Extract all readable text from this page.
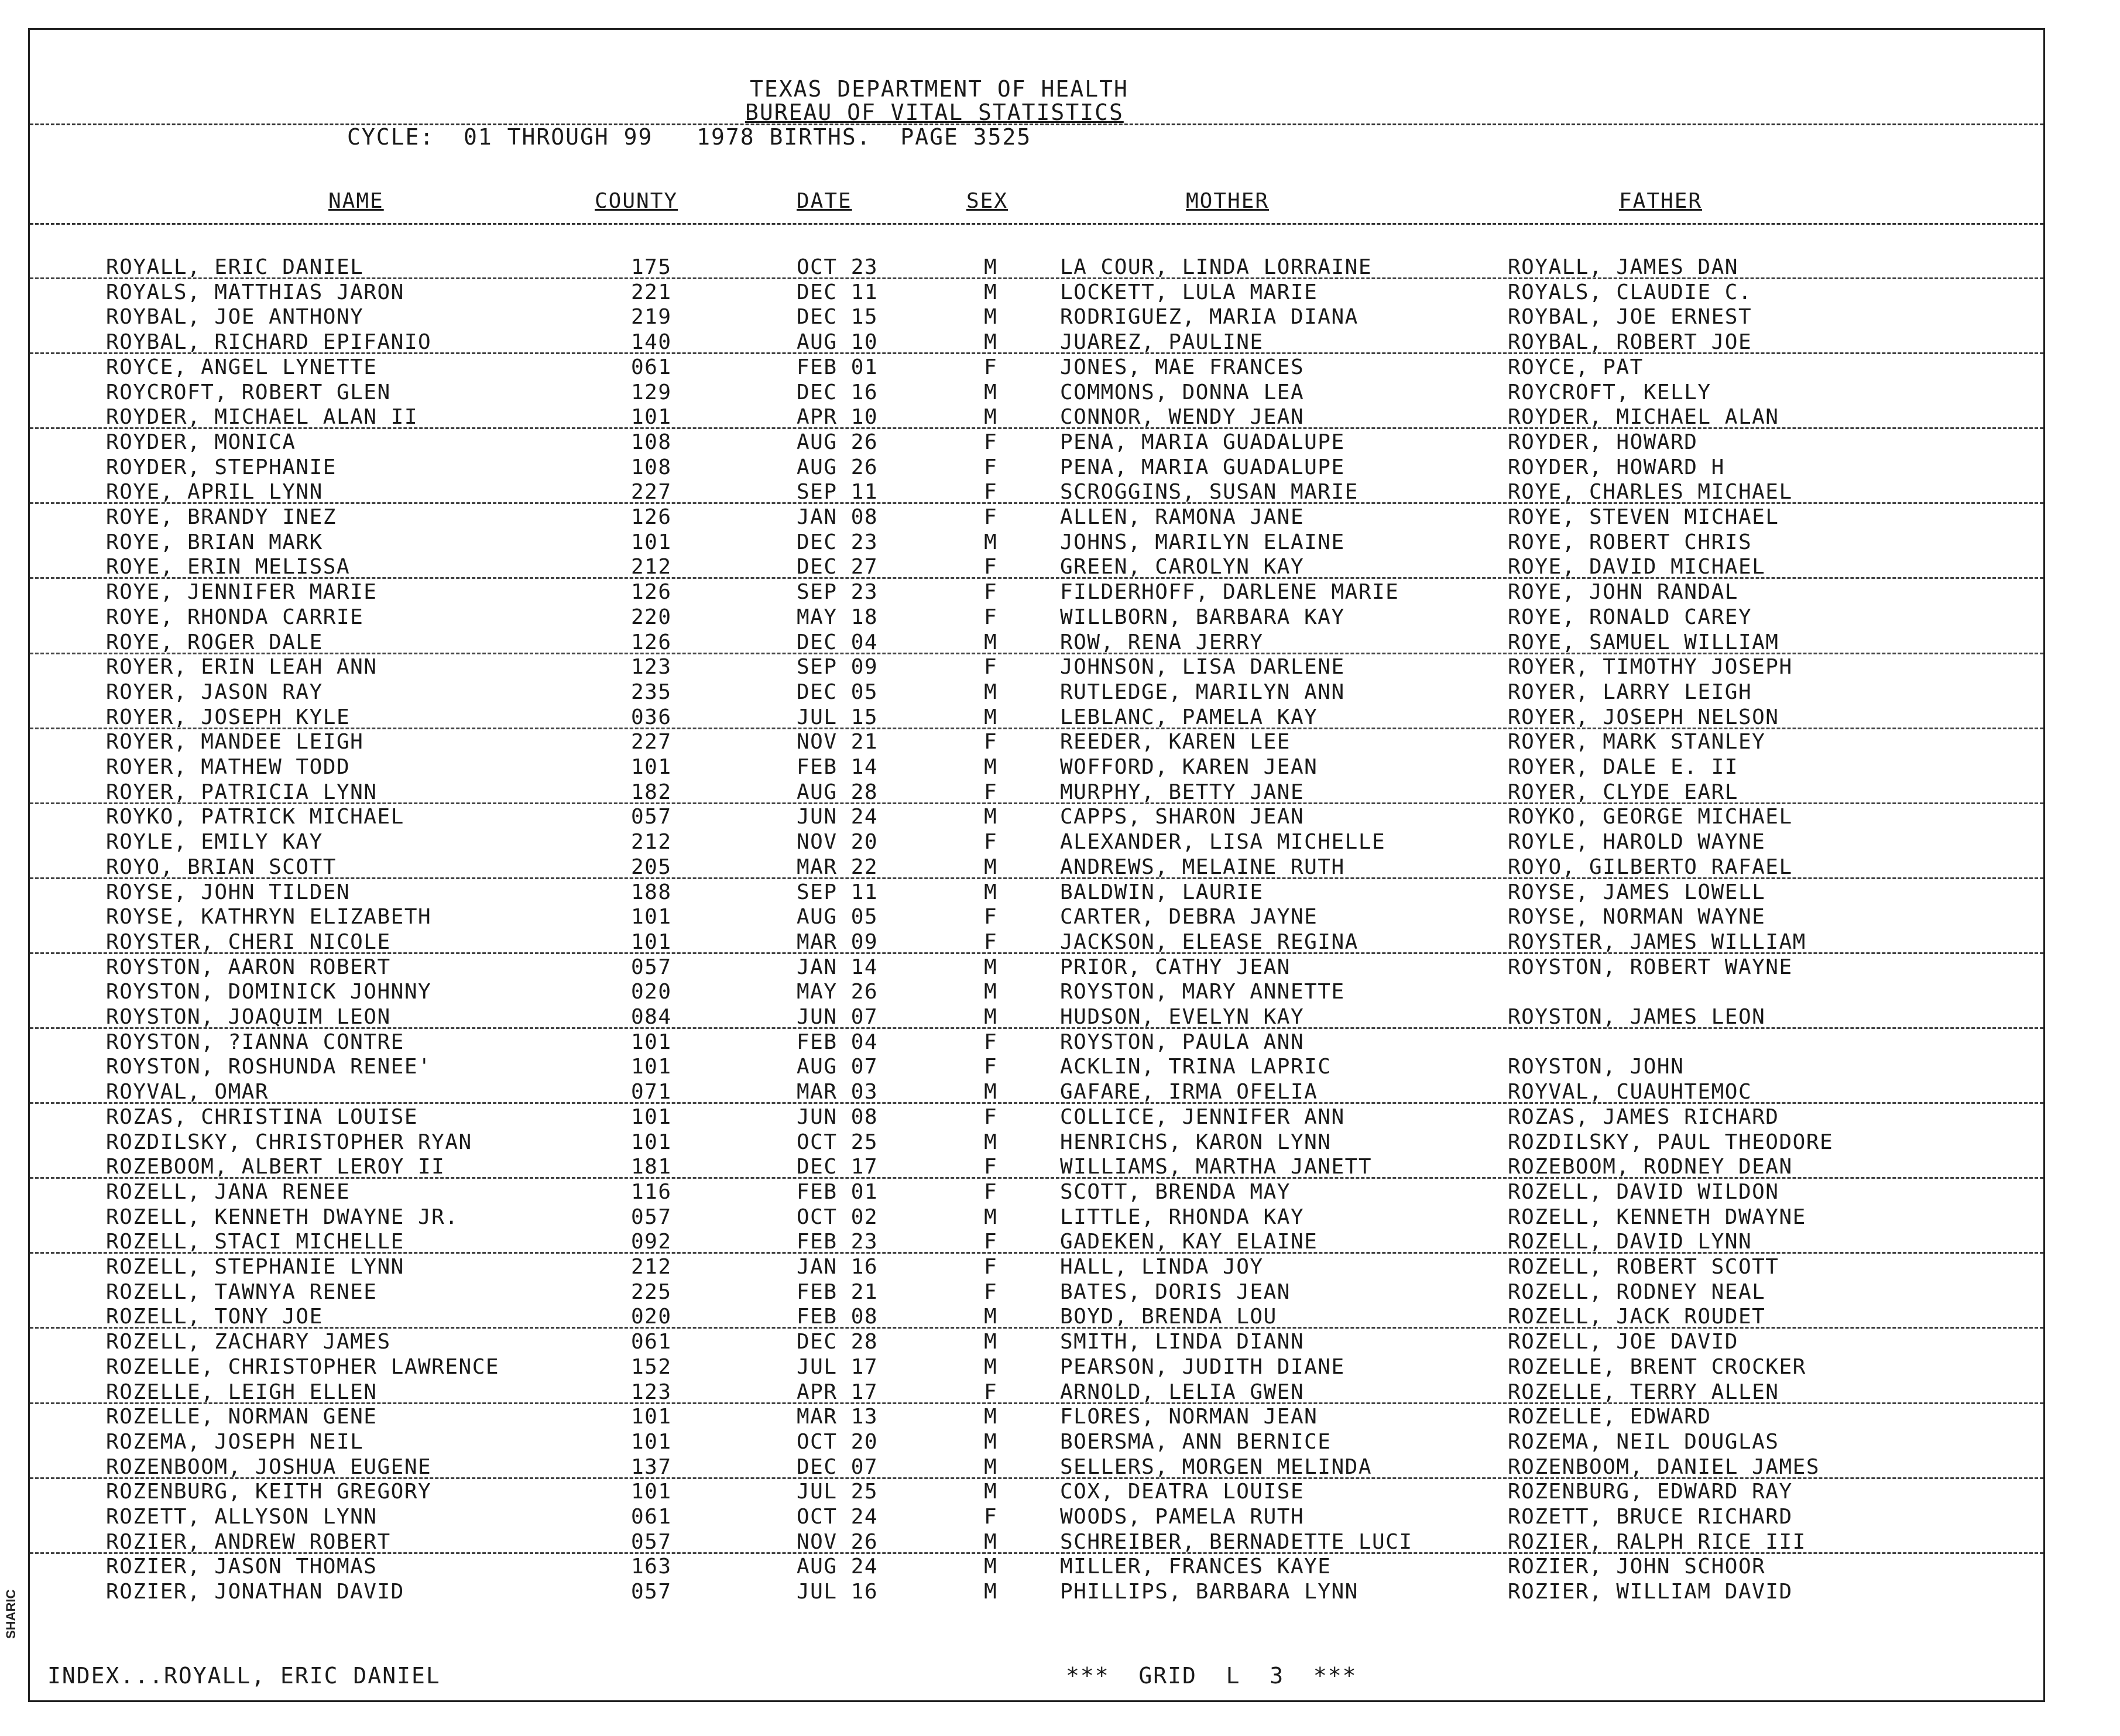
TEXAS DEPARTMENT OF HEALTH
BUREAU OF VITAL STATISTICS
CYCLE:  01 THROUGH 99   1978 BIRTHS.  PAGE 3525
NAME	COUNTY	DATE	SEX	MOTHER	FATHER
ROYALL, ERIC DANIEL	175	OCT 23	M	LA COUR, LINDA LORRAINE	ROYALL, JAMES DAN
ROYALS, MATTHIAS JARON	221	DEC 11	M	LOCKETT, LULA MARIE	ROYALS, CLAUDIE C.
ROYBAL, JOE ANTHONY	219	DEC 15	M	RODRIGUEZ, MARIA DIANA	ROYBAL, JOE ERNEST
ROYBAL, RICHARD EPIFANIO	140	AUG 10	M	JUAREZ, PAULINE	ROYBAL, ROBERT JOE
ROYCE, ANGEL LYNETTE	061	FEB 01	F	JONES, MAE FRANCES	ROYCE, PAT
ROYCROFT, ROBERT GLEN	129	DEC 16	M	COMMONS, DONNA LEA	ROYCROFT, KELLY
ROYDER, MICHAEL ALAN II	101	APR 10	M	CONNOR, WENDY JEAN	ROYDER, MICHAEL ALAN
ROYDER, MONICA	108	AUG 26	F	PENA, MARIA GUADALUPE	ROYDER, HOWARD
ROYDER, STEPHANIE	108	AUG 26	F	PENA, MARIA GUADALUPE	ROYDER, HOWARD H
ROYE, APRIL LYNN	227	SEP 11	F	SCROGGINS, SUSAN MARIE	ROYE, CHARLES MICHAEL
ROYE, BRANDY INEZ	126	JAN 08	F	ALLEN, RAMONA JANE	ROYE, STEVEN MICHAEL
ROYE, BRIAN MARK	101	DEC 23	M	JOHNS, MARILYN ELAINE	ROYE, ROBERT CHRIS
ROYE, ERIN MELISSA	212	DEC 27	F	GREEN, CAROLYN KAY	ROYE, DAVID MICHAEL
ROYE, JENNIFER MARIE	126	SEP 23	F	FILDERHOFF, DARLENE MARIE	ROYE, JOHN RANDAL
ROYE, RHONDA CARRIE	220	MAY 18	F	WILLBORN, BARBARA KAY	ROYE, RONALD CAREY
ROYE, ROGER DALE	126	DEC 04	M	ROW, RENA JERRY	ROYE, SAMUEL WILLIAM
ROYER, ERIN LEAH ANN	123	SEP 09	F	JOHNSON, LISA DARLENE	ROYER, TIMOTHY JOSEPH
ROYER, JASON RAY	235	DEC 05	M	RUTLEDGE, MARILYN ANN	ROYER, LARRY LEIGH
ROYER, JOSEPH KYLE	036	JUL 15	M	LEBLANC, PAMELA KAY	ROYER, JOSEPH NELSON
ROYER, MANDEE LEIGH	227	NOV 21	F	REEDER, KAREN LEE	ROYER, MARK STANLEY
ROYER, MATHEW TODD	101	FEB 14	M	WOFFORD, KAREN JEAN	ROYER, DALE E. II
ROYER, PATRICIA LYNN	182	AUG 28	F	MURPHY, BETTY JANE	ROYER, CLYDE EARL
ROYKO, PATRICK MICHAEL	057	JUN 24	M	CAPPS, SHARON JEAN	ROYKO, GEORGE MICHAEL
ROYLE, EMILY KAY	212	NOV 20	F	ALEXANDER, LISA MICHELLE	ROYLE, HAROLD WAYNE
ROYO, BRIAN SCOTT	205	MAR 22	M	ANDREWS, MELAINE RUTH	ROYO, GILBERTO RAFAEL
ROYSE, JOHN TILDEN	188	SEP 11	M	BALDWIN, LAURIE	ROYSE, JAMES LOWELL
ROYSE, KATHRYN ELIZABETH	101	AUG 05	F	CARTER, DEBRA JAYNE	ROYSE, NORMAN WAYNE
ROYSTER, CHERI NICOLE	101	MAR 09	F	JACKSON, ELEASE REGINA	ROYSTER, JAMES WILLIAM
ROYSTON, AARON ROBERT	057	JAN 14	M	PRIOR, CATHY JEAN	ROYSTON, ROBERT WAYNE
ROYSTON, DOMINICK JOHNNY	020	MAY 26	M	ROYSTON, MARY ANNETTE
ROYSTON, JOAQUIM LEON	084	JUN 07	M	HUDSON, EVELYN KAY	ROYSTON, JAMES LEON
ROYSTON, ?IANNA CONTRE	101	FEB 04	F	ROYSTON, PAULA ANN
ROYSTON, ROSHUNDA RENEE'	101	AUG 07	F	ACKLIN, TRINA LAPRIC	ROYSTON, JOHN
ROYVAL, OMAR	071	MAR 03	M	GAFARE, IRMA OFELIA	ROYVAL, CUAUHTEMOC
ROZAS, CHRISTINA LOUISE	101	JUN 08	F	COLLICE, JENNIFER ANN	ROZAS, JAMES RICHARD
ROZDILSKY, CHRISTOPHER RYAN	101	OCT 25	M	HENRICHS, KARON LYNN	ROZDILSKY, PAUL THEODORE
ROZEBOOM, ALBERT LEROY II	181	DEC 17	F	WILLIAMS, MARTHA JANETT	ROZEBOOM, RODNEY DEAN
ROZELL, JANA RENEE	116	FEB 01	F	SCOTT, BRENDA MAY	ROZELL, DAVID WILDON
ROZELL, KENNETH DWAYNE JR.	057	OCT 02	M	LITTLE, RHONDA KAY	ROZELL, KENNETH DWAYNE
ROZELL, STACI MICHELLE	092	FEB 23	F	GADEKEN, KAY ELAINE	ROZELL, DAVID LYNN
ROZELL, STEPHANIE LYNN	212	JAN 16	F	HALL, LINDA JOY	ROZELL, ROBERT SCOTT
ROZELL, TAWNYA RENEE	225	FEB 21	F	BATES, DORIS JEAN	ROZELL, RODNEY NEAL
ROZELL, TONY JOE	020	FEB 08	M	BOYD, BRENDA LOU	ROZELL, JACK ROUDET
ROZELL, ZACHARY JAMES	061	DEC 28	M	SMITH, LINDA DIANN	ROZELL, JOE DAVID
ROZELLE, CHRISTOPHER LAWRENCE	152	JUL 17	M	PEARSON, JUDITH DIANE	ROZELLE, BRENT CROCKER
ROZELLE, LEIGH ELLEN	123	APR 17	F	ARNOLD, LELIA GWEN	ROZELLE, TERRY ALLEN
ROZELLE, NORMAN GENE	101	MAR 13	M	FLORES, NORMAN JEAN	ROZELLE, EDWARD
ROZEMA, JOSEPH NEIL	101	OCT 20	M	BOERSMA, ANN BERNICE	ROZEMA, NEIL DOUGLAS
ROZENBOOM, JOSHUA EUGENE	137	DEC 07	M	SELLERS, MORGEN MELINDA	ROZENBOOM, DANIEL JAMES
ROZENBURG, KEITH GREGORY	101	JUL 25	M	COX, DEATRA LOUISE	ROZENBURG, EDWARD RAY
ROZETT, ALLYSON LYNN	061	OCT 24	F	WOODS, PAMELA RUTH	ROZETT, BRUCE RICHARD
ROZIER, ANDREW ROBERT	057	NOV 26	M	SCHREIBER, BERNADETTE LUCI	ROZIER, RALPH RICE III
ROZIER, JASON THOMAS	163	AUG 24	M	MILLER, FRANCES KAYE	ROZIER, JOHN SCHOOR
ROZIER, JONATHAN DAVID	057	JUL 16	M	PHILLIPS, BARBARA LYNN	ROZIER, WILLIAM DAVID
INDEX...ROYALL, ERIC DANIEL	***  GRID  L  3  ***
SHARIC
